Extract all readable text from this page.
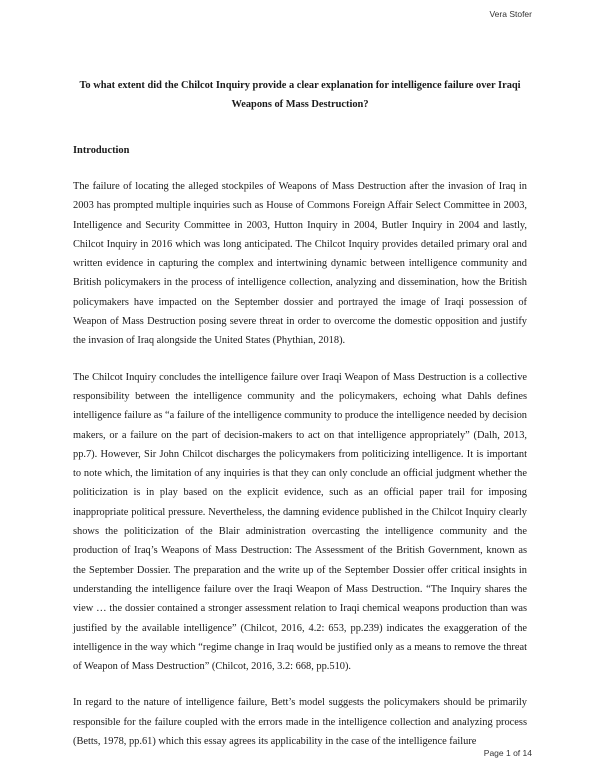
Vera Stofer

To what extent did the Chilcot Inquiry provide a clear explanation for intelligence failure over Iraqi Weapons of Mass Destruction?

Introduction

The failure of locating the alleged stockpiles of Weapons of Mass Destruction after the invasion of Iraq in 2003 has prompted multiple inquiries such as House of Commons Foreign Affair Select Committee in 2003, Intelligence and Security Committee in 2003, Hutton Inquiry in 2004, Butler Inquiry in 2004 and lastly, Chilcot Inquiry in 2016 which was long anticipated. The Chilcot Inquiry provides detailed primary oral and written evidence in capturing the complex and intertwining dynamic between intelligence community and British policymakers in the process of intelligence collection, analyzing and dissemination, how the British policymakers have impacted on the September dossier and portrayed the image of Iraqi possession of Weapon of Mass Destruction posing severe threat in order to overcome the domestic opposition and justify the invasion of Iraq alongside the United States (Phythian, 2018).

The Chilcot Inquiry concludes the intelligence failure over Iraqi Weapon of Mass Destruction is a collective responsibility between the intelligence community and the policymakers, echoing what Dahls defines intelligence failure as “a failure of the intelligence community to produce the intelligence needed by decision makers, or a failure on the part of decision-makers to act on that intelligence appropriately” (Dalh, 2013, pp.7). However, Sir John Chilcot discharges the policymakers from politicizing intelligence. It is important to note which, the limitation of any inquiries is that they can only conclude an official judgment whether the politicization is in play based on the explicit evidence, such as an official paper trail for imposing inappropriate political pressure. Nevertheless, the damning evidence published in the Chilcot Inquiry clearly shows the politicization of the Blair administration overcasting the intelligence community and the production of Iraq’s Weapons of Mass Destruction: The Assessment of the British Government, known as the September Dossier. The preparation and the write up of the September Dossier offer critical insights in understanding the intelligence failure over the Iraqi Weapon of Mass Destruction. “The Inquiry shares the view … the dossier contained a stronger assessment relation to Iraqi chemical weapons production than was justified by the available intelligence” (Chilcot, 2016, 4.2: 653, pp.239) indicates the exaggeration of the intelligence in the way which “regime change in Iraq would be justified only as a means to remove the threat of Weapon of Mass Destruction” (Chilcot, 2016, 3.2: 668, pp.510).

In regard to the nature of intelligence failure, Bett’s model suggests the policymakers should be primarily responsible for the failure coupled with the errors made in the intelligence collection and analyzing process (Betts, 1978, pp.61) which this essay agrees its applicability in the case of the intelligence failure

Page 1 of 14
